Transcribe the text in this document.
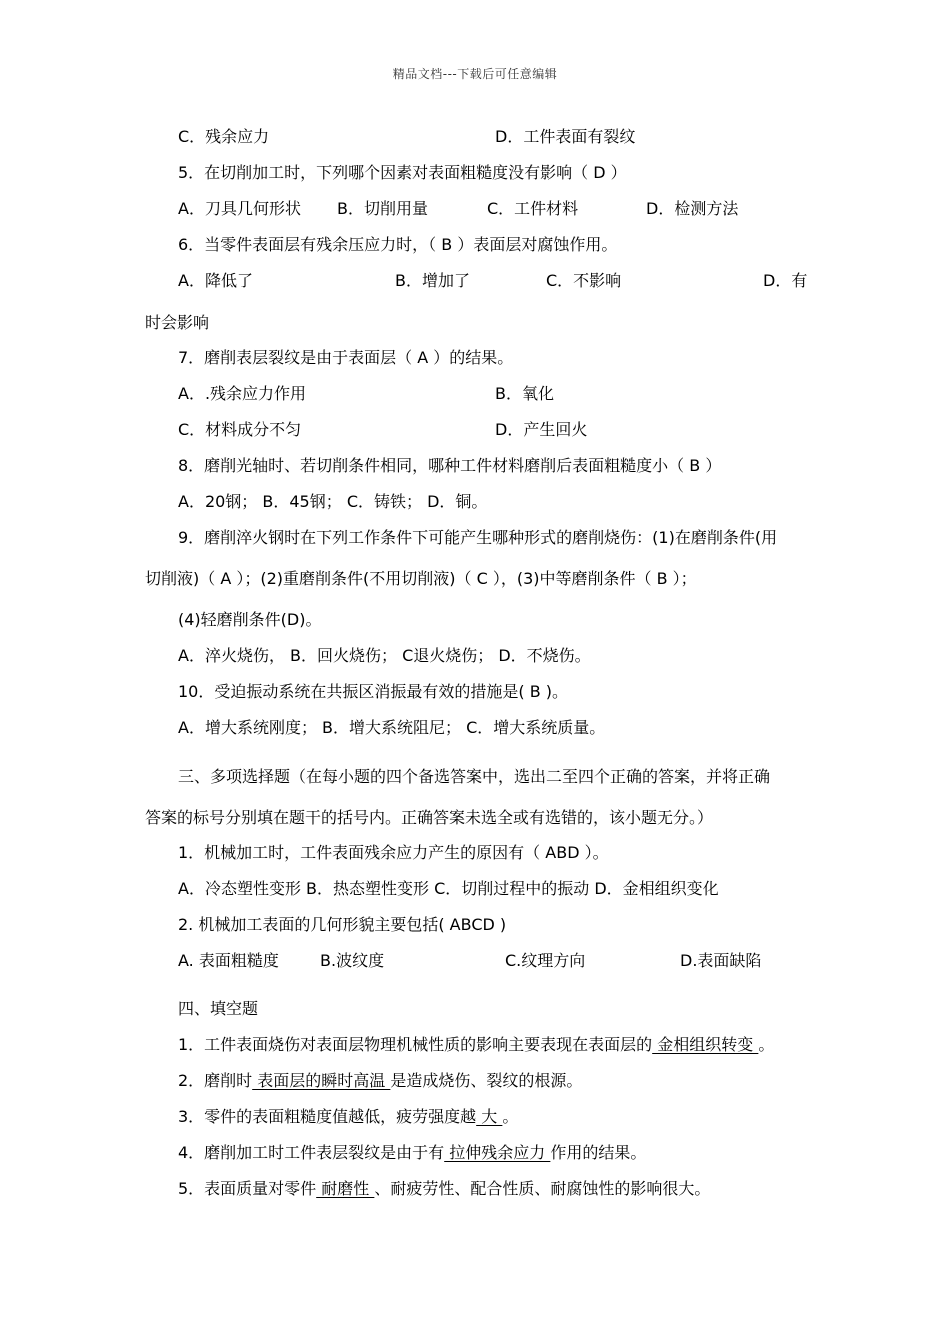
精品文档---下载后可任意编辑
C．残余应力	D．工件表面有裂纹
5．在切削加工时，下列哪个因素对表面粗糙度没有影响（ D ）
A．刀具几何形状 B．切削用量	C．工件材料	D．检测方法
6．当零件表面层有残余压应力时，（ B ）表面层对腐蚀作用。
A．降低了	B．增加了	C．不影响	D．有
时会影响
7．磨削表层裂纹是由于表面层（ A ）的结果。
A．.残余应力作用	B．氧化
C．材料成分不匀	D．产生回火
8．磨削光轴时、若切削条件相同，哪种工件材料磨削后表面粗糙度小（ B ）
A．20钢； B．45钢； C．铸铁； D．铜。
9．磨削淬火钢时在下列工作条件下可能产生哪种形式的磨削烧伤：(1)在磨削条件(用
切削液)（ A ）；(2)重磨削条件(不用切削液)（ C ），(3)中等磨削条件（ B ）；
(4)轻磨削条件(D)。
A．淬火烧伤， B．回火烧伤； C退火烧伤； D．不烧伤。
10．受迫振动系统在共振区消振最有效的措施是( B )。
A．增大系统刚度； B．增大系统阻尼； C．增大系统质量。
三、多项选择题（在每小题的四个备选答案中，选出二至四个正确的答案，并将正确
答案的标号分别填在题干的括号内。正确答案未选全或有选错的，该小题无分。）
1．机械加工时，工件表面残余应力产生的原因有（ ABD ）。
A．冷态塑性变形 B．热态塑性变形 C．切削过程中的振动 D．金相组织变化
2. 机械加工表面的几何形貌主要包括( ABCD )
A. 表面粗糙度	B.波纹度	C.纹理方向	D.表面缺陷
四、填空题
1．工件表面烧伤对表面层物理机械性质的影响主要表现在表面层的 金相组织转变 。
2．磨削时 表面层的瞬时高温 是造成烧伤、裂纹的根源。
3．零件的表面粗糙度值越低，疲劳强度越 大 。
4．磨削加工时工件表层裂纹是由于有 拉伸残余应力 作用的结果。
5．表面质量对零件 耐磨性 、耐疲劳性、配合性质、耐腐蚀性的影响很大。
